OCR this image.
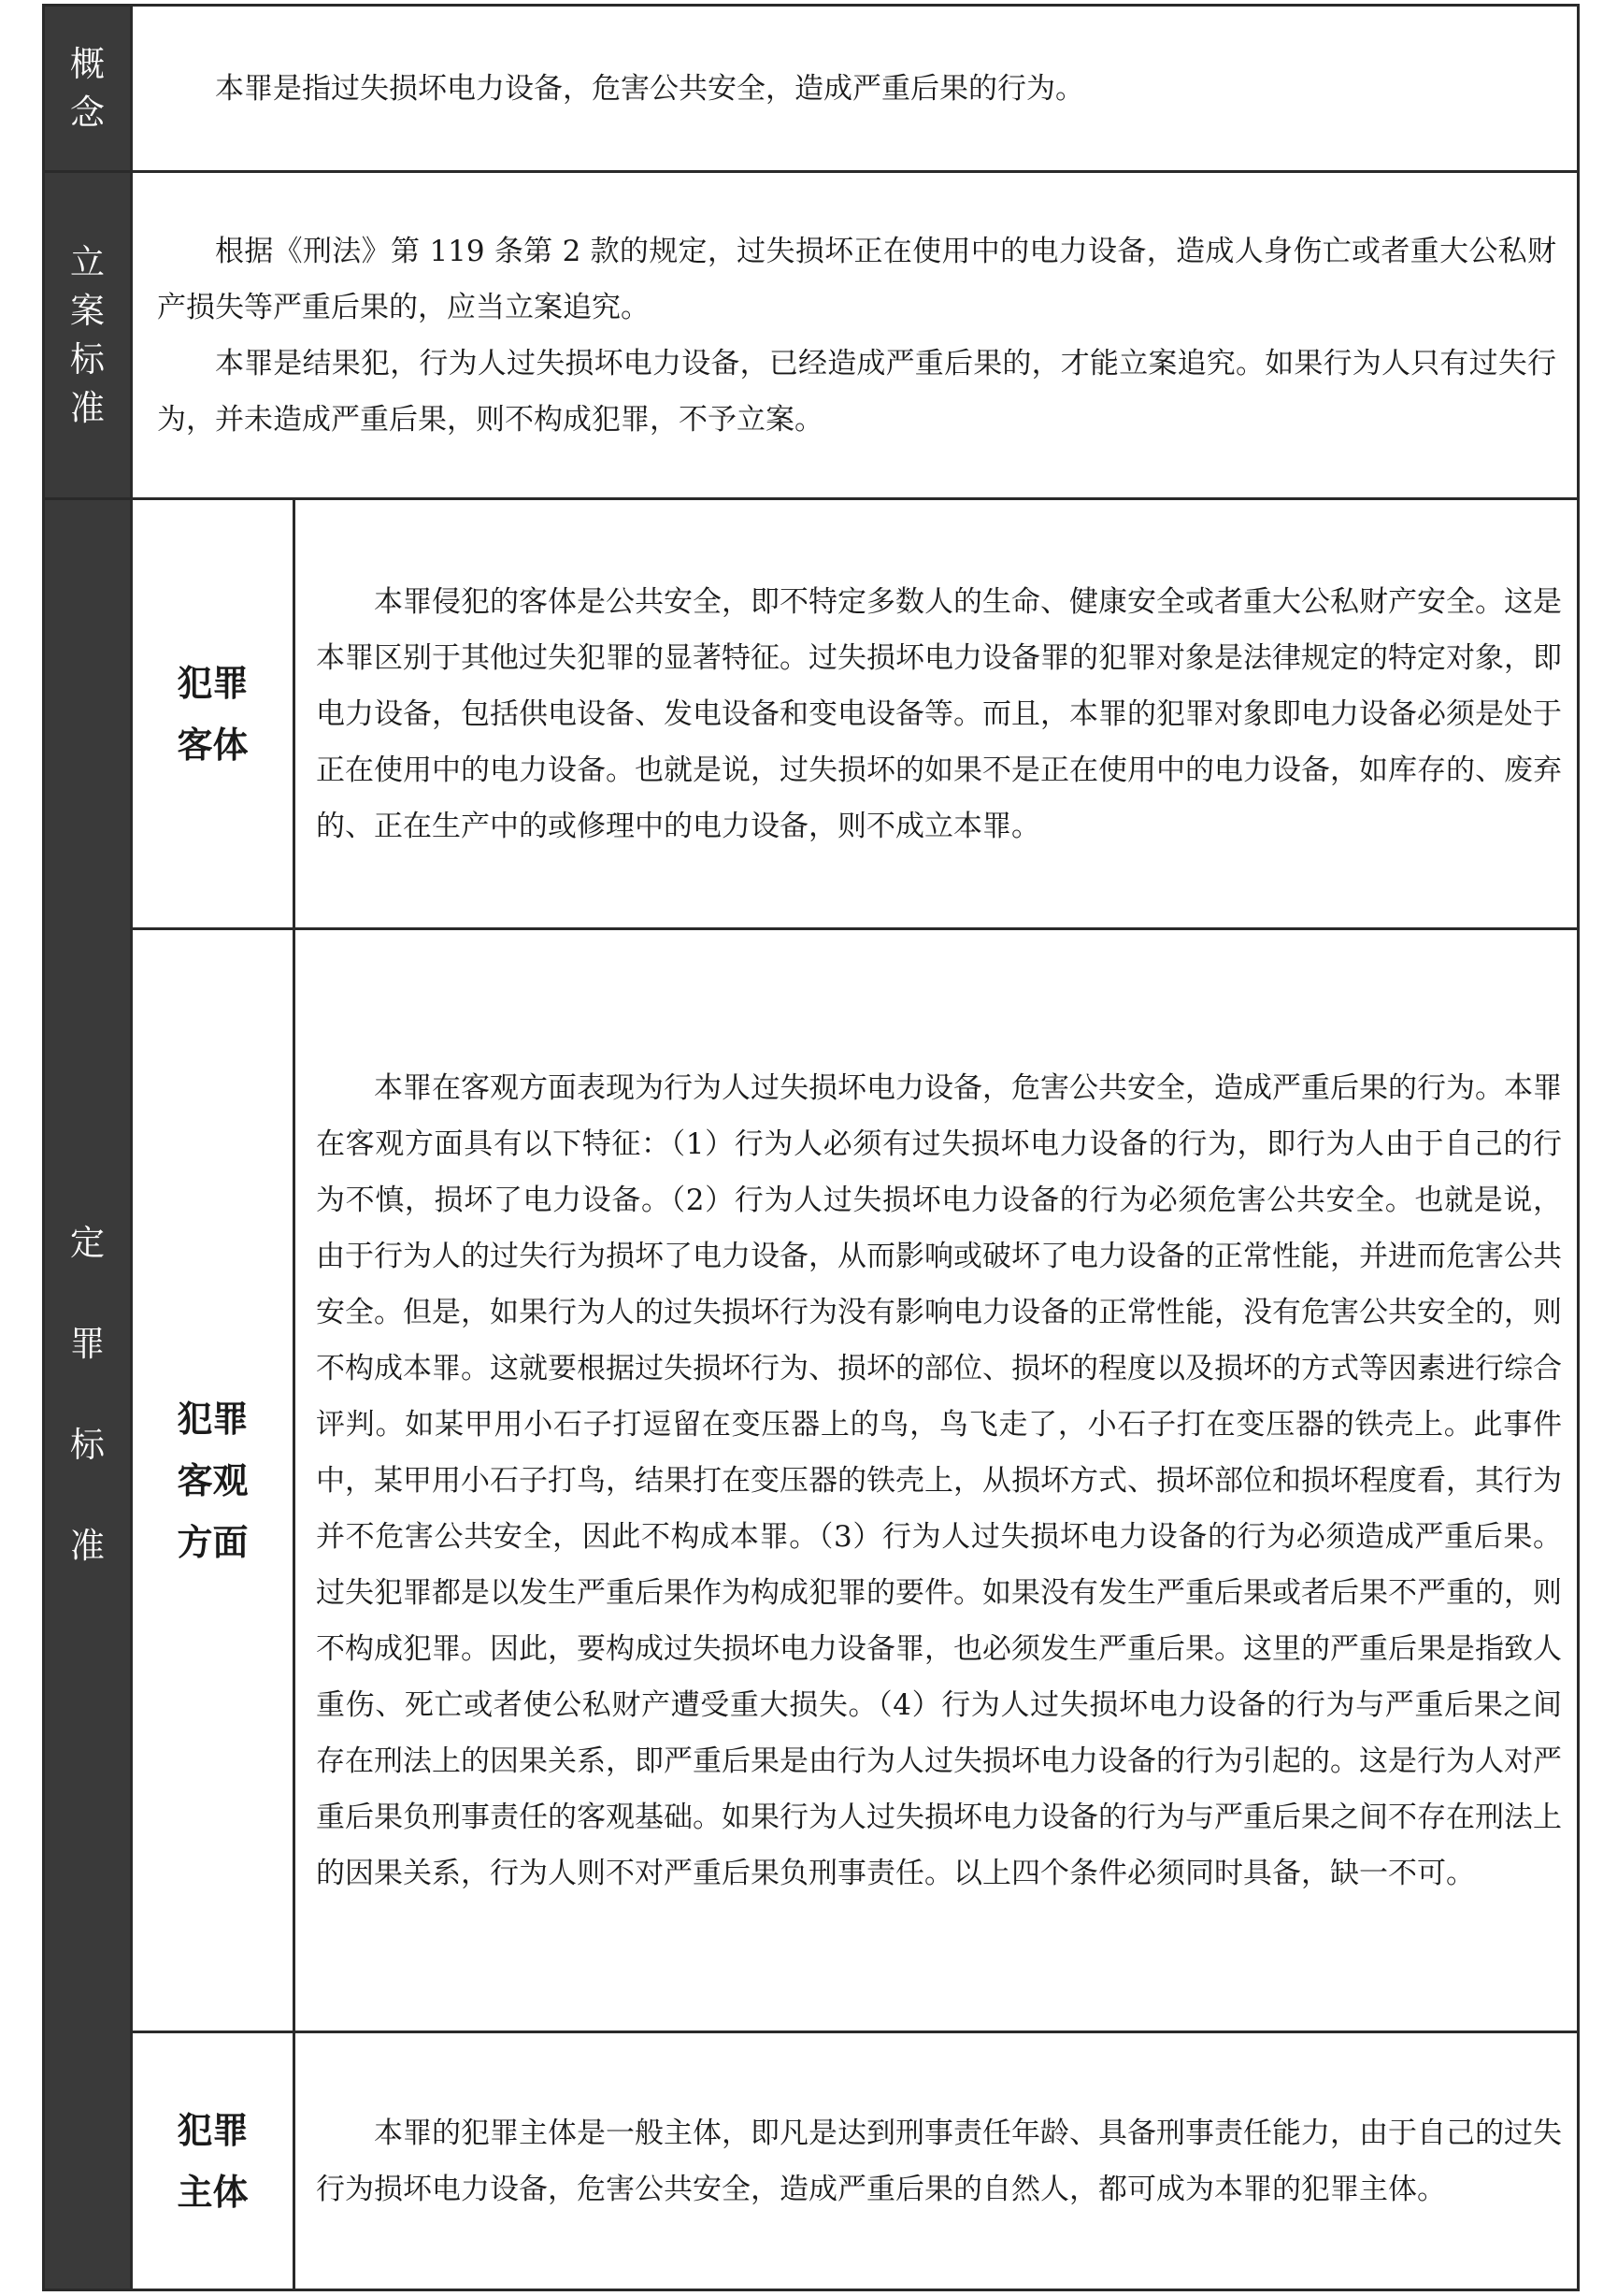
概念	本罪是指过失损坏电力设备，危害公共安全，造成严重后果的行为。	

立案标准	根据《刑法》第 119 条第 2 款的规定，过失损坏正在使用中的电力设备，造成人身伤亡或者重大公私财产损失等严重后果的，应当立案追究。

本罪是结果犯，行为人过失损坏电力设备，已经造成严重后果的，才能立案追究。如果行为人只有过失行为，并未造成严重后果，则不构成犯罪，不予立案。	

定罪标准	犯罪客体	本罪侵犯的客体是公共安全，即不特定多数人的生命、健康安全或者重大公私财产安全。这是本罪区别于其他过失犯罪的显著特征。过失损坏电力设备罪的犯罪对象是法律规定的特定对象，即电力设备，包括供电设备、发电设备和变电设备等。而且，本罪的犯罪对象即电力设备必须是处于正在使用中的电力设备。也就是说，过失损坏的如果不是正在使用中的电力设备，如库存的、废弃的、正在生产中的或修理中的电力设备，则不成立本罪。

	犯罪客观方面	本罪在客观方面表现为行为人过失损坏电力设备，危害公共安全，造成严重后果的行为。本罪在客观方面具有以下特征：（1）行为人必须有过失损坏电力设备的行为，即行为人由于自己的行为不慎，损坏了电力设备。（2）行为人过失损坏电力设备的行为必须危害公共安全。也就是说，由于行为人的过失行为损坏了电力设备，从而影响或破坏了电力设备的正常性能，并进而危害公共安全。但是，如果行为人的过失损坏行为没有影响电力设备的正常性能，没有危害公共安全的，则不构成本罪。这就要根据过失损坏行为、损坏的部位、损坏的程度以及损坏的方式等因素进行综合评判。如某甲用小石子打逗留在变压器上的鸟，鸟飞走了，小石子打在变压器的铁壳上。此事件中，某甲用小石子打鸟，结果打在变压器的铁壳上，从损坏方式、损坏部位和损坏程度看，其行为并不危害公共安全，因此不构成本罪。（3）行为人过失损坏电力设备的行为必须造成严重后果。过失犯罪都是以发生严重后果作为构成犯罪的要件。如果没有发生严重后果或者后果不严重的，则不构成犯罪。因此，要构成过失损坏电力设备罪，也必须发生严重后果。这里的严重后果是指致人重伤、死亡或者使公私财产遭受重大损失。（4）行为人过失损坏电力设备的行为与严重后果之间存在刑法上的因果关系，即严重后果是由行为人过失损坏电力设备的行为引起的。这是行为人对严重后果负刑事责任的客观基础。如果行为人过失损坏电力设备的行为与严重后果之间不存在刑法上的因果关系，行为人则不对严重后果负刑事责任。以上四个条件必须同时具备，缺一不可。

	犯罪主体	本罪的犯罪主体是一般主体，即凡是达到刑事责任年龄、具备刑事责任能力，由于自己的过失行为损坏电力设备，危害公共安全，造成严重后果的自然人，都可成为本罪的犯罪主体。
